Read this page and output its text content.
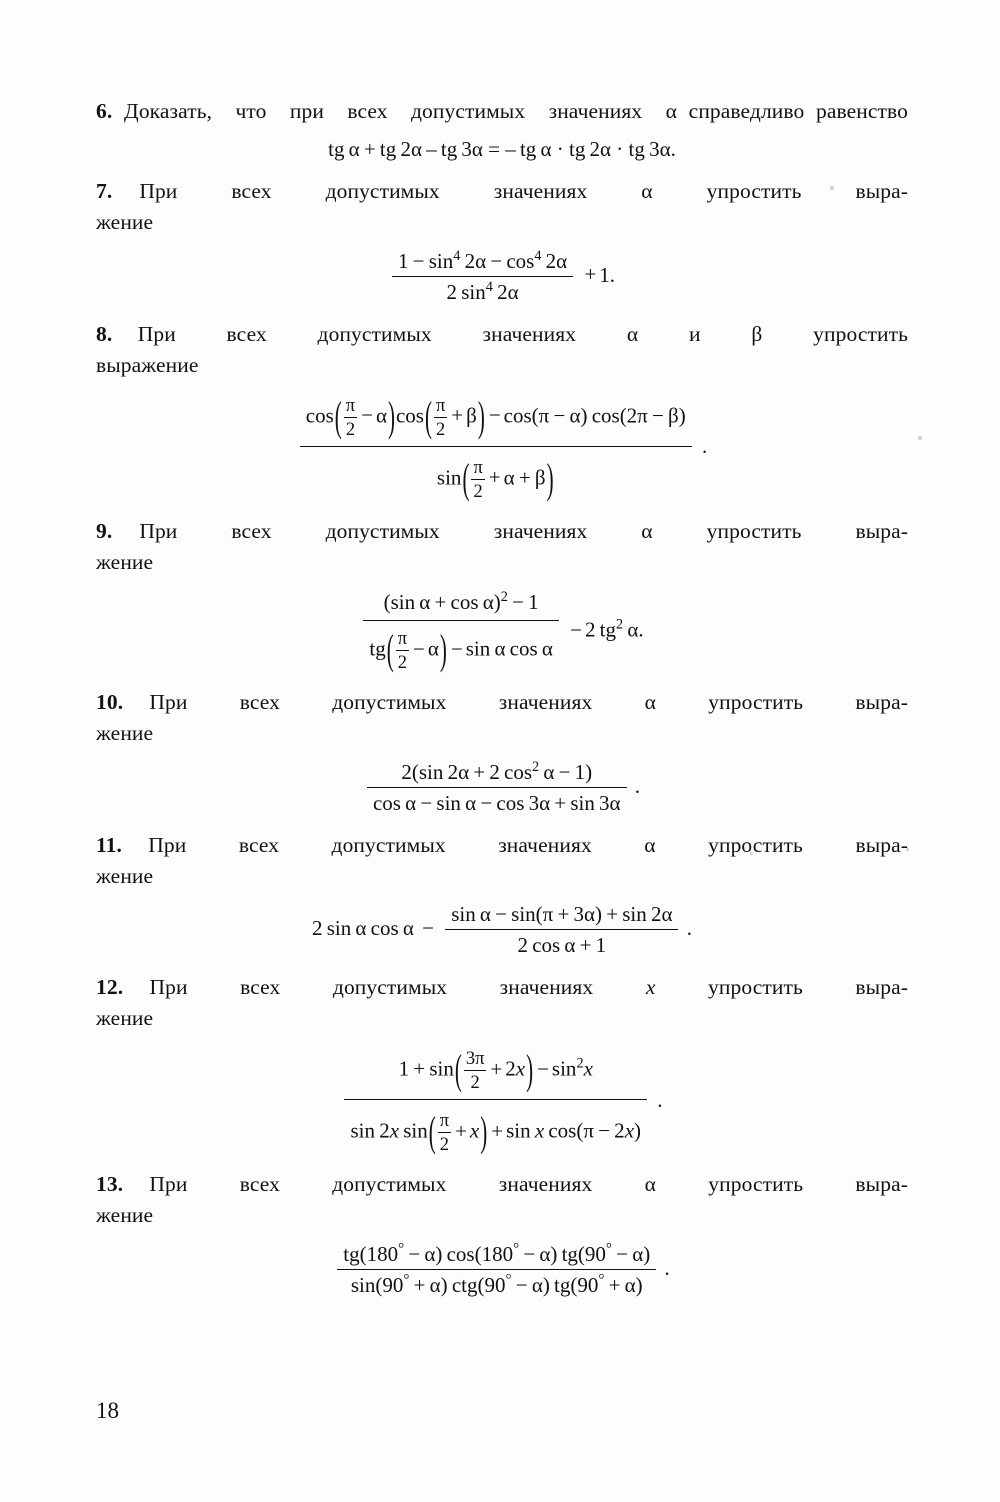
6. Доказать,  что  при  всех  допустимых  значениях  α справедливо равенство
tg α + tg 2α – tg 3α = – tg α · tg 2α · tg 3α.
7. При  всех  допустимых  значениях  α  упростить  выра-
жение
$\frac{1 - \sin^4 2\alpha - \cos^4 2\alpha}{2 \sin^4 2\alpha} + 1$.
8. При  всех  допустимых  значениях  α  и  β  упростить
выражение
$\frac{\cos( \frac{\pi}{2} - \alpha)\cos( \frac{\pi}{2} + \beta) - \cos(\pi - \alpha) \cos(2\pi - \beta)}{\sin( \frac{\pi}{2} + \alpha + \beta)}$ .
9. При  всех  допустимых  значениях  α  упростить  выра-
жение
$\frac{(\sin \alpha + \cos \alpha)^2 - 1}{tg( \frac{\pi}{2} - \alpha) - \sin \alpha \cos \alpha} - 2$ $tg^2$ α.
10. При  всех  допустимых  значениях  α  упростить  выра-
жение
$\frac{2(\sin 2\alpha + 2 \cos^2 \alpha - 1)}{\text{cos α − sin α − cos 3α + sin 3α}}$ .
11. При  всех  допустимых  значениях  α  упростить  выра-
жение
2 sin α $\cos \alpha - \frac{\text{sin α − sin(π + 3α) + sin 2α}}{\text{2 cos α + 1}}$ .
12. При  всех  допустимых  значениях  x  упростить  выра-
жение
$\frac{1 + \sin( \frac{3\pi}{2} + 2x) - \sin^2x}{\sin 2x \sin( \frac{\pi}{2} + x) + \sin x \cos(\pi - 2x)}$ .
13. При  всех  допустимых  значениях  α  упростить  выра-
жение
$\frac{tg(180^\circ - \alpha) \cos(180^\circ - \alpha) tg(90^\circ - \alpha)}{\sin(90^\circ + \alpha) ctg(90^\circ - \alpha) tg(90^\circ + \alpha)}$ .
18
